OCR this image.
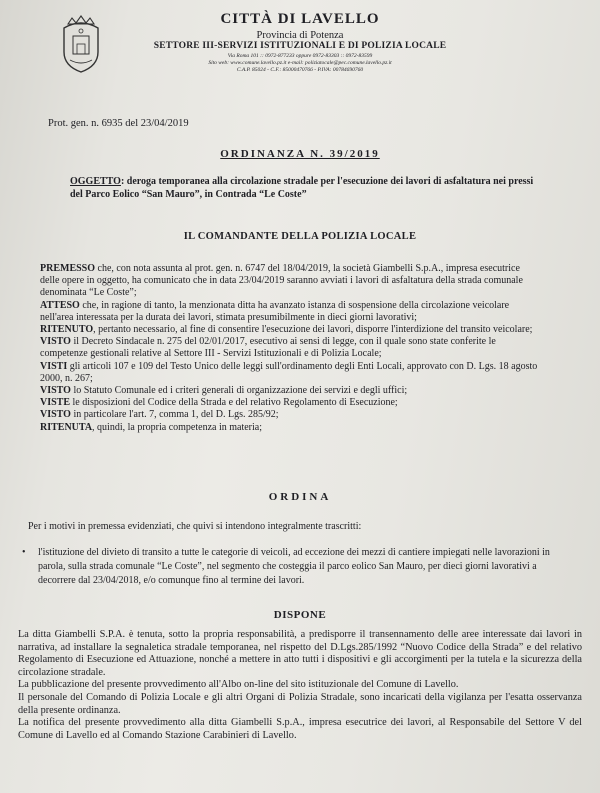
CITTÀ DI LAVELLO
Provincia di Potenza
SETTORE III-SERVIZI ISTITUZIONALI E DI POLIZIA LOCALE
Via Roma 101 :: 0972-877233 oppure 0972-83303 :: 0972-83599
Sito web: www.comune.lavello.pz.it e-mail: poliziatocale@pec.comune.lavello.pz.it
C.A.P. 85024 - C.F.: 85000470766 - P.IVA: 00784690760
Prot. gen. n. 6935 del 23/04/2019
ORDINANZA N. 39/2019
OGGETTO: deroga temporanea alla circolazione stradale per l'esecuzione dei lavori di asfaltatura nei pressi del Parco Eolico “San Mauro”, in Contrada “Le Coste”
IL COMANDANTE DELLA POLIZIA LOCALE

PREMESSO che, con nota assunta al prot. gen. n. 6747 del 18/04/2019, la società Giambelli S.p.A., impresa esecutrice delle opere in oggetto, ha comunicato che in data 23/04/2019 saranno avviati i lavori di asfaltatura della strada comunale denominata “Le Coste”;

ATTESO che, in ragione di tanto, la menzionata ditta ha avanzato istanza di sospensione della circolazione veicolare nell'area interessata per la durata dei lavori, stimata presumibilmente in dieci giorni lavorativi;

RITENUTO, pertanto necessario, al fine di consentire l'esecuzione dei lavori, disporre l'interdizione del transito veicolare;

VISTO il Decreto Sindacale n. 275 del 02/01/2017, esecutivo ai sensi di legge, con il quale sono state conferite le competenze gestionali relative al Settore III - Servizi Istituzionali e di Polizia Locale;

VISTI gli articoli 107 e 109 del Testo Unico delle leggi sull'ordinamento degli Enti Locali, approvato con D. Lgs. 18 agosto 2000, n. 267;

VISTO lo Statuto Comunale ed i criteri generali di organizzazione dei servizi e degli uffici;

VISTE le disposizioni del Codice della Strada e del relativo Regolamento di Esecuzione;

VISTO in particolare l'art. 7, comma 1, del D. Lgs. 285/92;

RITENUTA, quindi, la propria competenza in materia;

ORDINA
Per i motivi in premessa evidenziati, che quivi si intendono integralmente trascritti:
• l'istituzione del divieto di transito a tutte le categorie di veicoli, ad eccezione dei mezzi di cantiere impiegati nelle lavorazioni in parola, sulla strada comunale “Le Coste”, nel segmento che costeggia il parco eolico San Mauro, per dieci giorni lavorativi a decorrere dal 23/04/2018, e/o comunque fino al termine dei lavori.
DISPONE

La ditta Giambelli S.P.A. è tenuta, sotto la propria responsabilità, a predisporre il transennamento delle aree interessate dai lavori in narrativa, ad installare la segnaletica stradale temporanea, nel rispetto del D.Lgs.285/1992 “Nuovo Codice della Strada” e del relativo Regolamento di Esecuzione ed Attuazione, nonché a mettere in atto tutti i dispositivi e gli accorgimenti per la tutela e la sicurezza della circolazione stradale.

La pubblicazione del presente provvedimento all'Albo on-line del sito istituzionale del Comune di Lavello.

Il personale del Comando di Polizia Locale e gli altri Organi di Polizia Stradale, sono incaricati della vigilanza per l'esatta osservanza della presente ordinanza.

La notifica del presente provvedimento alla ditta Giambelli S.p.A., impresa esecutrice dei lavori, al Responsabile del Settore V del Comune di Lavello ed al Comando Stazione Carabinieri di Lavello.
